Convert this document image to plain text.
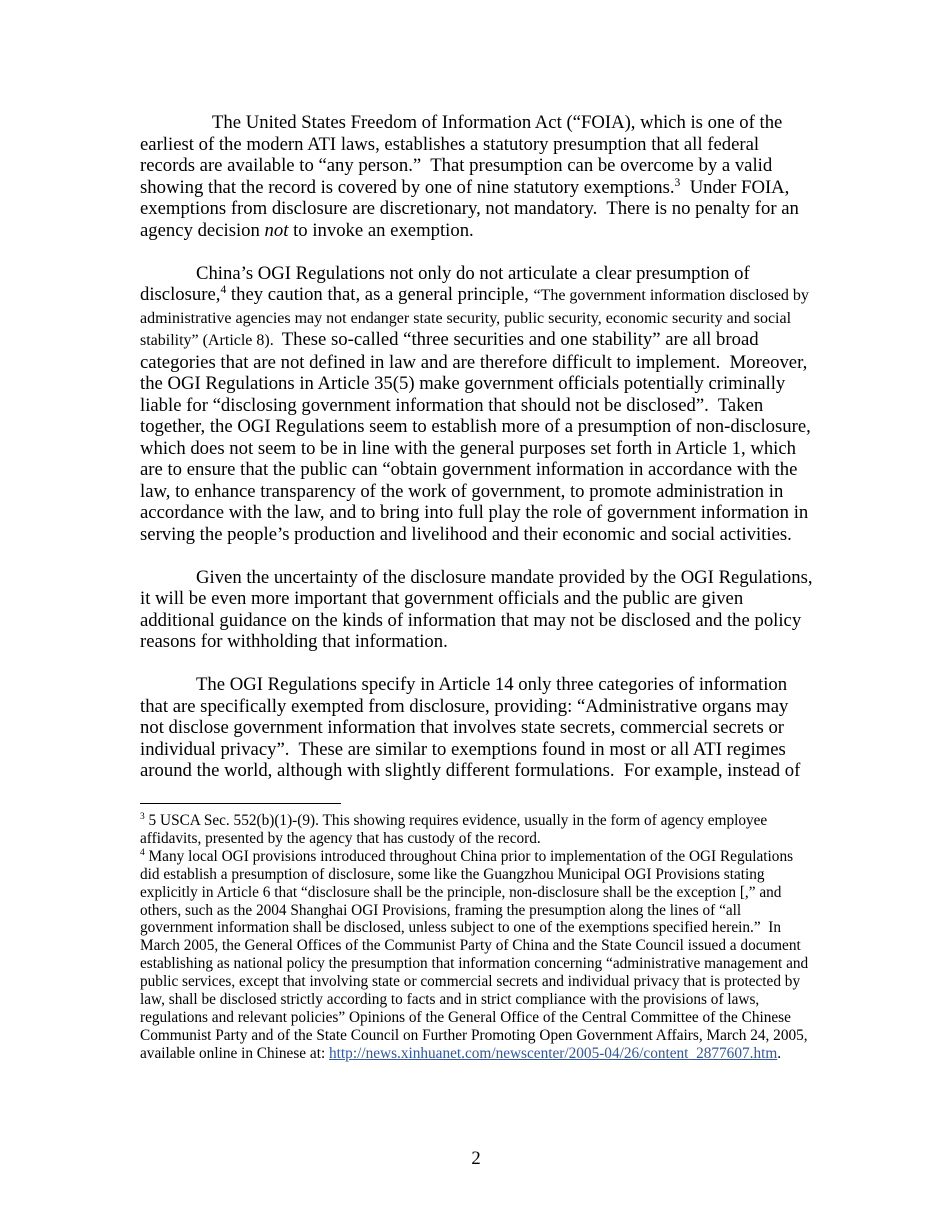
The United States Freedom of Information Act (“FOIA), which is one of the earliest of the modern ATI laws, establishes a statutory presumption that all federal records are available to “any person.”  That presumption can be overcome by a valid showing that the record is covered by one of nine statutory exemptions.$^3$  Under FOIA, exemptions from disclosure are discretionary, not mandatory.  There is no penalty for an agency decision not to invoke an exemption.

China’s OGI Regulations not only do not articulate a clear presumption of disclosure,$^4$ they caution that, as a general principle, “The government information disclosed by administrative agencies may not endanger state security, public security, economic security and social stability” (Article 8).  These so-called “three securities and one stability” are all broad categories that are not defined in law and are therefore difficult to implement.  Moreover, the OGI Regulations in Article 35(5) make government officials potentially criminally liable for “disclosing government information that should not be disclosed”.  Taken together, the OGI Regulations seem to establish more of a presumption of non-disclosure, which does not seem to be in line with the general purposes set forth in Article 1, which are to ensure that the public can “obtain government information in accordance with the law, to enhance transparency of the work of government, to promote administration in accordance with the law, and to bring into full play the role of government information in serving the people’s production and livelihood and their economic and social activities.

Given the uncertainty of the disclosure mandate provided by the OGI Regulations, it will be even more important that government officials and the public are given additional guidance on the kinds of information that may not be disclosed and the policy reasons for withholding that information.

The OGI Regulations specify in Article 14 only three categories of information that are specifically exempted from disclosure, providing: “Administrative organs may not disclose government information that involves state secrets, commercial secrets or individual privacy”.  These are similar to exemptions found in most or all ATI regimes around the world, although with slightly different formulations.  For example, instead of

$^3$ 5 USCA Sec. 552(b)(1)-(9). This showing requires evidence, usually in the form of agency employee affidavits, presented by the agency that has custody of the record.

$^4$ Many local OGI provisions introduced throughout China prior to implementation of the OGI Regulations did establish a presumption of disclosure, some like the Guangzhou Municipal OGI Provisions stating explicitly in Article 6 that “disclosure shall be the principle, non-disclosure shall be the exception [,” and others, such as the 2004 Shanghai OGI Provisions, framing the presumption along the lines of “all government information shall be disclosed, unless subject to one of the exemptions specified herein.”  In March 2005, the General Offices of the Communist Party of China and the State Council issued a document establishing as national policy the presumption that information concerning “administrative management and public services, except that involving state or commercial secrets and individual privacy that is protected by law, shall be disclosed strictly according to facts and in strict compliance with the provisions of laws, regulations and relevant policies” Opinions of the General Office of the Central Committee of the Chinese Communist Party and of the State Council on Further Promoting Open Government Affairs, March 24, 2005, available online in Chinese at: http://news.xinhuanet.com/newscenter/2005-04/26/content_2877607.htm.

2
